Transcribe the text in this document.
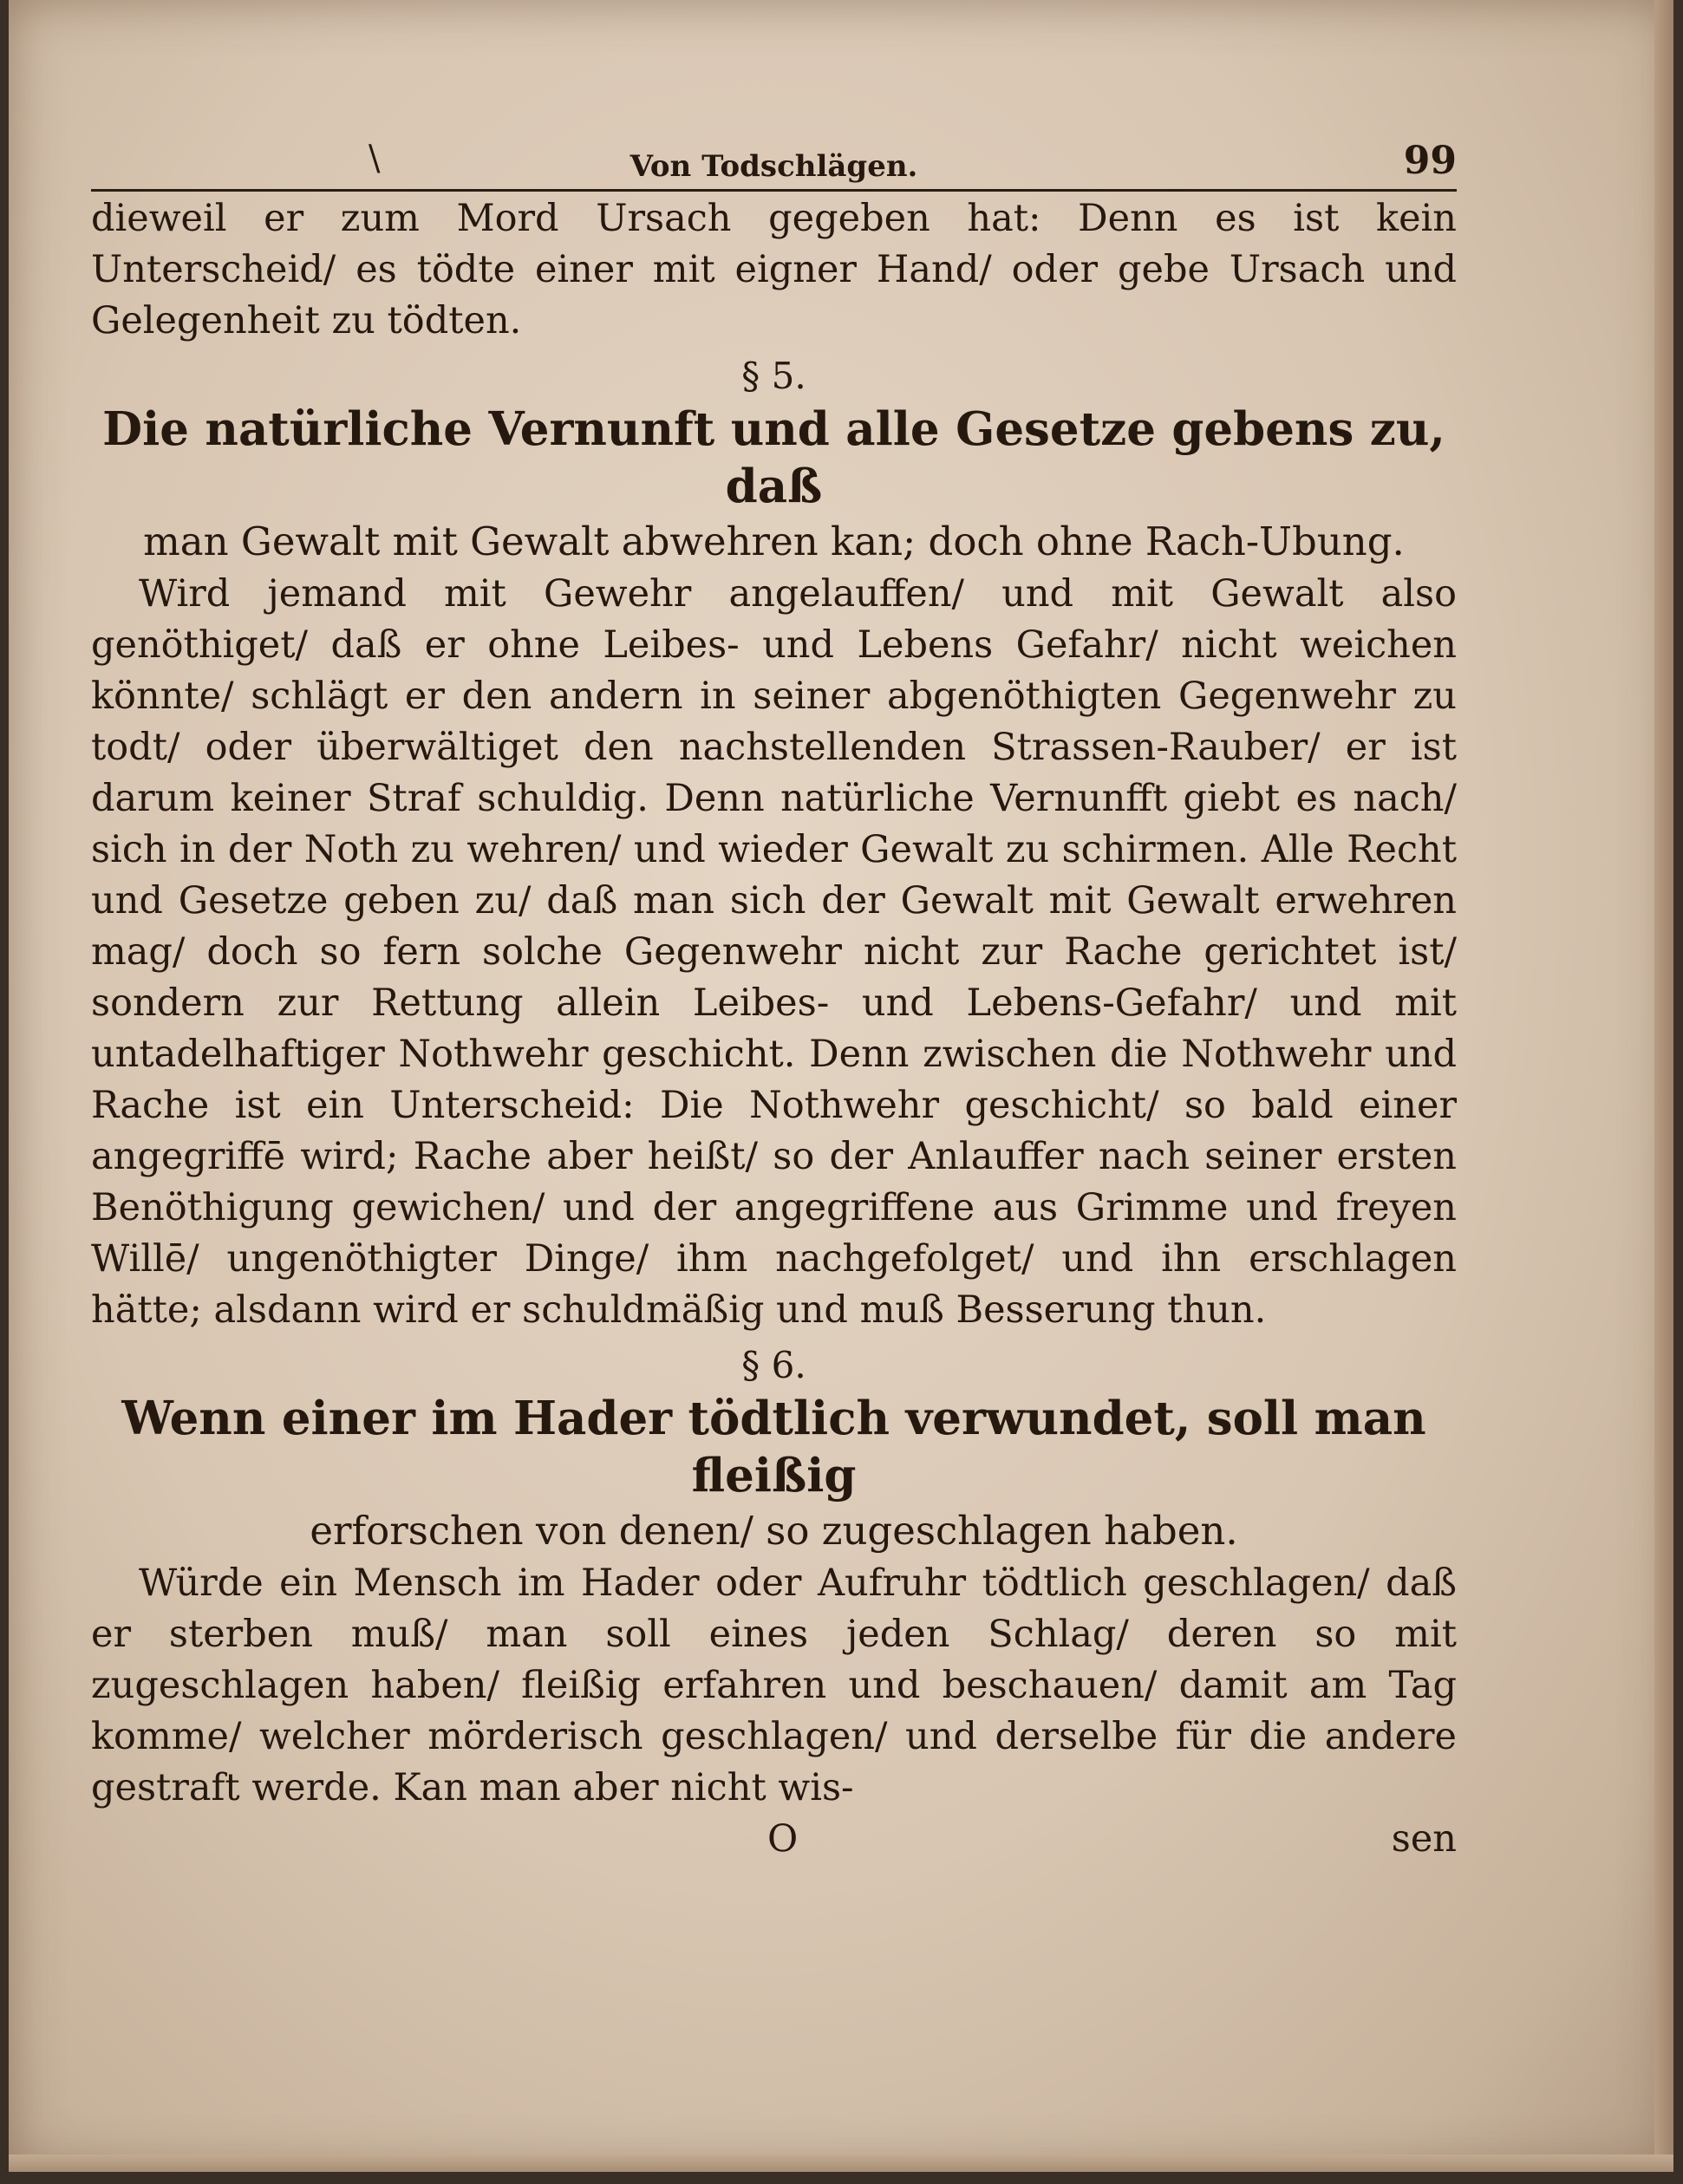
\	Von Todschlägen.	99

dieweil er zum Mord Ursach gegeben hat: Denn es ist kein Unterscheid/ es tödte einer mit eigner Hand/ oder gebe Ursach und Gelegenheit zu tödten.

§ 5.
Die natürliche Vernunft und alle Gesetze gebens zu, daß
man Gewalt mit Gewalt abwehren kan; doch ohne Rach-Ubung.

Wird jemand mit Gewehr angelauffen/ und mit Gewalt also genöthiget/ daß er ohne Leibes- und Lebens Gefahr/ nicht weichen könnte/ schlägt er den andern in seiner abgenöthigten Gegenwehr zu todt/ oder überwältiget den nachstellenden Strassen-Rauber/ er ist darum keiner Straf schuldig. Denn natürliche Vernunfft giebt es nach/ sich in der Noth zu wehren/ und wieder Gewalt zu schirmen. Alle Recht und Gesetze geben zu/ daß man sich der Gewalt mit Gewalt erwehren mag/ doch so fern solche Gegenwehr nicht zur Rache gerichtet ist/ sondern zur Rettung allein Leibes- und Lebens-Gefahr/ und mit untadelhaftiger Nothwehr geschicht. Denn zwischen die Nothwehr und Rache ist ein Unterscheid: Die Nothwehr geschicht/ so bald einer angegriffē wird; Rache aber heißt/ so der Anlauffer nach seiner ersten Benöthigung gewichen/ und der angegriffene aus Grimme und freyen Willē/ ungenöthigter Dinge/ ihm nachgefolget/ und ihn erschlagen hätte; alsdann wird er schuldmäßig und muß Besserung thun.

§ 6.
Wenn einer im Hader tödtlich verwundet, soll man fleißig
erforschen von denen/ so zugeschlagen haben.

Würde ein Mensch im Hader oder Aufruhr tödtlich geschlagen/ daß er sterben muß/ man soll eines jeden Schlag/ deren so mit zugeschlagen haben/ fleißig erfahren und beschauen/ damit am Tag komme/ welcher mörderisch geschlagen/ und derselbe für die andere gestraft werde. Kan man aber nicht wis-

O	sen
